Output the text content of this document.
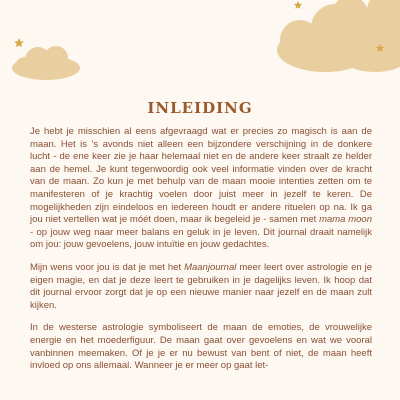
INLEIDING

Je hebt je misschien al eens afgevraagd wat er precies zo magisch is aan de maan. Het is 's avonds niet alleen een bijzondere verschijning in de donkere lucht - de ene keer zie je haar helemaal niet en de andere keer straalt ze helder aan de hemel. Je kunt tegenwoordig ook veel informatie vinden over de kracht van de maan. Zo kun je met behulp van de maan mooie intenties zetten om te manifesteren of je krachtig voelen door juist meer in jezelf te keren. De mogelijkheden zijn eindeloos en iedereen houdt er andere rituelen op na. Ik ga jou niet vertellen wat je móét doen, maar ik begeleid je - samen met mama moon - op jouw weg naar meer balans en geluk in je leven. Dit journal draait namelijk om jou: jouw gevoelens, jouw intuïtie en jouw gedachtes.

Mijn wens voor jou is dat je met het Maanjournal meer leert over astrologie en je eigen magie, en dat je deze leert te gebruiken in je dagelijks leven. Ik hoop dat dit journal ervoor zorgt dat je op een nieuwe manier naar jezelf en de maan zult kijken.

In de westerse astrologie symboliseert de maan de emoties, de vrouwelijke energie en het moederfiguur. De maan gaat over gevoelens en wat we vooral vanbinnen meemaken. Of je je er nu bewust van bent of niet, de maan heeft invloed op ons allemaal. Wanneer je er meer op gaat let-
